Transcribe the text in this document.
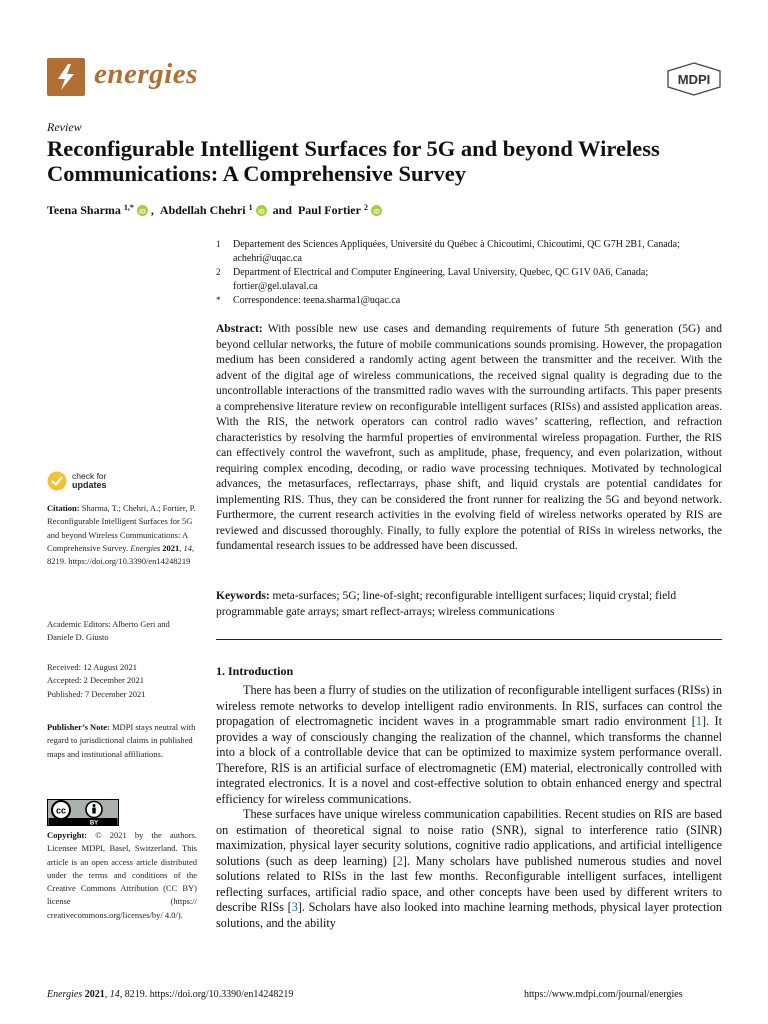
energies	MDPI
Review
Reconfigurable Intelligent Surfaces for 5G and beyond Wireless Communications: A Comprehensive Survey
Teena Sharma $^{1,*}$ iD , Abdellah Chehri $^1$ iD and Paul Fortier $^2$ iD
1	Departement des Sciences Appliquées, Université du Québec à Chicoutimi, Chicoutimi, QC G7H 2B1, Canada; achehri@uqac.ca
2	Department of Electrical and Computer Engineering, Laval University, Quebec, QC G1V 0A6, Canada; fortier@gel.ulaval.ca
*	Correspondence: teena.sharma1@uqac.ca
Abstract: With possible new use cases and demanding requirements of future 5th generation (5G) and beyond cellular networks, the future of mobile communications sounds promising. However, the propagation medium has been considered a randomly acting agent between the transmitter and the receiver. With the advent of the digital age of wireless communications, the received signal quality is degrading due to the uncontrollable interactions of the transmitted radio waves with the surrounding artifacts. This paper presents a comprehensive literature review on reconfigurable intelligent surfaces (RISs) and assisted application areas. With the RIS, the network operators can control radio waves’ scattering, reflection, and refraction characteristics by resolving the harmful properties of environmental wireless propagation. Further, the RIS can effectively control the wavefront, such as amplitude, phase, frequency, and even polarization, without requiring complex encoding, decoding, or radio wave processing techniques. Motivated by technological advances, the metasurfaces, reflectarrays, phase shift, and liquid crystals are potential candidates for implementing RIS. Thus, they can be considered the front runner for realizing the 5G and beyond network. Furthermore, the current research activities in the evolving field of wireless networks operated by RIS are reviewed and discussed thoroughly. Finally, to fully explore the potential of RISs in wireless networks, the fundamental research issues to be addressed have been discussed.
Keywords: meta-surfaces; 5G; line-of-sight; reconfigurable intelligent surfaces; liquid crystal; field programmable gate arrays; smart reflect-arrays; wireless communications
1. Introduction

There has been a flurry of studies on the utilization of reconfigurable intelligent surfaces (RISs) in wireless remote networks to develop intelligent radio environments. In RIS, surfaces can control the propagation of electromagnetic incident waves in a programmable smart radio environment [1]. It provides a way of consciously changing the realization of the channel, which transforms the channel into a block of a controllable device that can be optimized to maximize system performance overall. Therefore, RIS is an artificial surface of electromagnetic (EM) material, electronically controlled with integrated electronics. It is a novel and cost-effective solution to obtain enhanced energy and spectral efficiency for wireless communications.

These surfaces have unique wireless communication capabilities. Recent studies on RIS are based on estimation of theoretical signal to noise ratio (SNR), signal to interference ratio (SINR) maximization, physical layer security solutions, cognitive radio applications, and artificial intelligence solutions (such as deep learning) [2]. Many scholars have published numerous studies and novel solutions related to RISs in the last few months. Reconfigurable intelligent surfaces, intelligent reflecting surfaces, artificial radio space, and other concepts have been used by different writers to describe RISs [3]. Scholars have also looked into machine learning methods, physical layer protection solutions, and the ability

check for
updates
Citation: Sharma, T.; Chehri, A.; Fortier, P. Reconfigurable Intelligent Surfaces for 5G and beyond Wireless Communications: A Comprehensive Survey. Energies 2021, 14, 8219. https://doi.org/10.3390/en14248219
Academic Editors: Alberto Geri and Daniele D. Giusto
Received: 12 August 2021
Accepted: 2 December 2021
Published: 7 December 2021
Publisher’s Note: MDPI stays neutral with regard to jurisdictional claims in published maps and institutional affiliations.
cc
BY
Copyright: © 2021 by the authors. Licensee MDPI, Basel, Switzerland. This article is an open access article distributed under the terms and conditions of the Creative Commons Attribution (CC BY) license (https:// creativecommons.org/licenses/by/ 4.0/).
Energies 2021, 14, 8219. https://doi.org/10.3390/en14248219	https://www.mdpi.com/journal/energies
